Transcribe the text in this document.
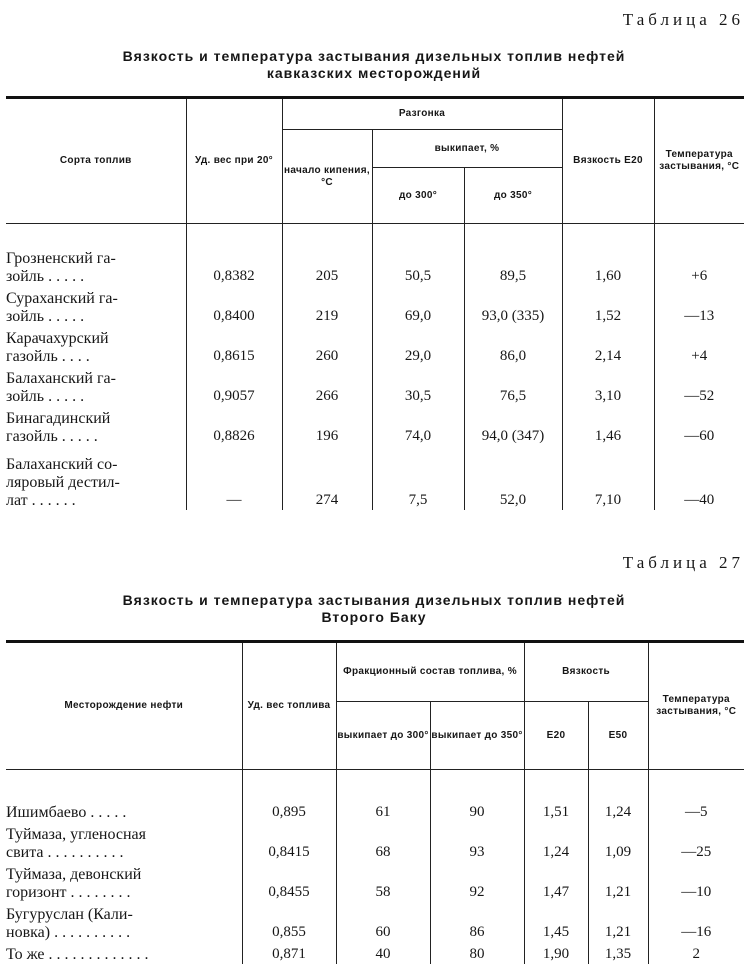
Таблица 26
Вязкость и температура застывания дизельных топлив нефтей
кавказских месторождений
Сорта топлив	Уд. вес при 20°	Разгонка			Вязкость Е20	Температура застывания, °С
		начало кипения, °С	выкипает, %			
			до 300°	до 350°		
Грозненский га-
зойль .....	0,8382	205	50,5	89,5	1,60	+6
Сураханский га-
зойль .....	0,8400	219	69,0	93,0 (335)	1,52	—13
Карачахурский
газойль ....	0,8615	260	29,0	86,0	2,14	+4
Балаханский га-
зойль .....	0,9057	266	30,5	76,5	3,10	—52
Бинагадинский
газойль .....	0,8826	196	74,0	94,0 (347)	1,46	—60
Балаханский со-
ляровый дестил-
лат ......	—	274	7,5	52,0	7,10	—40
Таблица 27
Вязкость и температура застывания дизельных топлив нефтей
Второго Баку
Месторождение нефти	Уд. вес топлива	Фракционный состав топлива, %		Вязкость		Температура застывания, °С
		выкипает до 300°	выкипает до 350°	Е20	Е50	
Ишимбаево .....	0,895	61	90	1,51	1,24	—5
Туймаза, угленосная
свита ..........	0,8415	68	93	1,24	1,09	—25
Туймаза, девонский
горизонт ........	0,8455	58	92	1,47	1,21	—10
Бугуруслан (Кали-
новка) ..........	0,855	60	86	1,45	1,21	—16
То же .............	0,871	40	80	1,90	1,35	2
